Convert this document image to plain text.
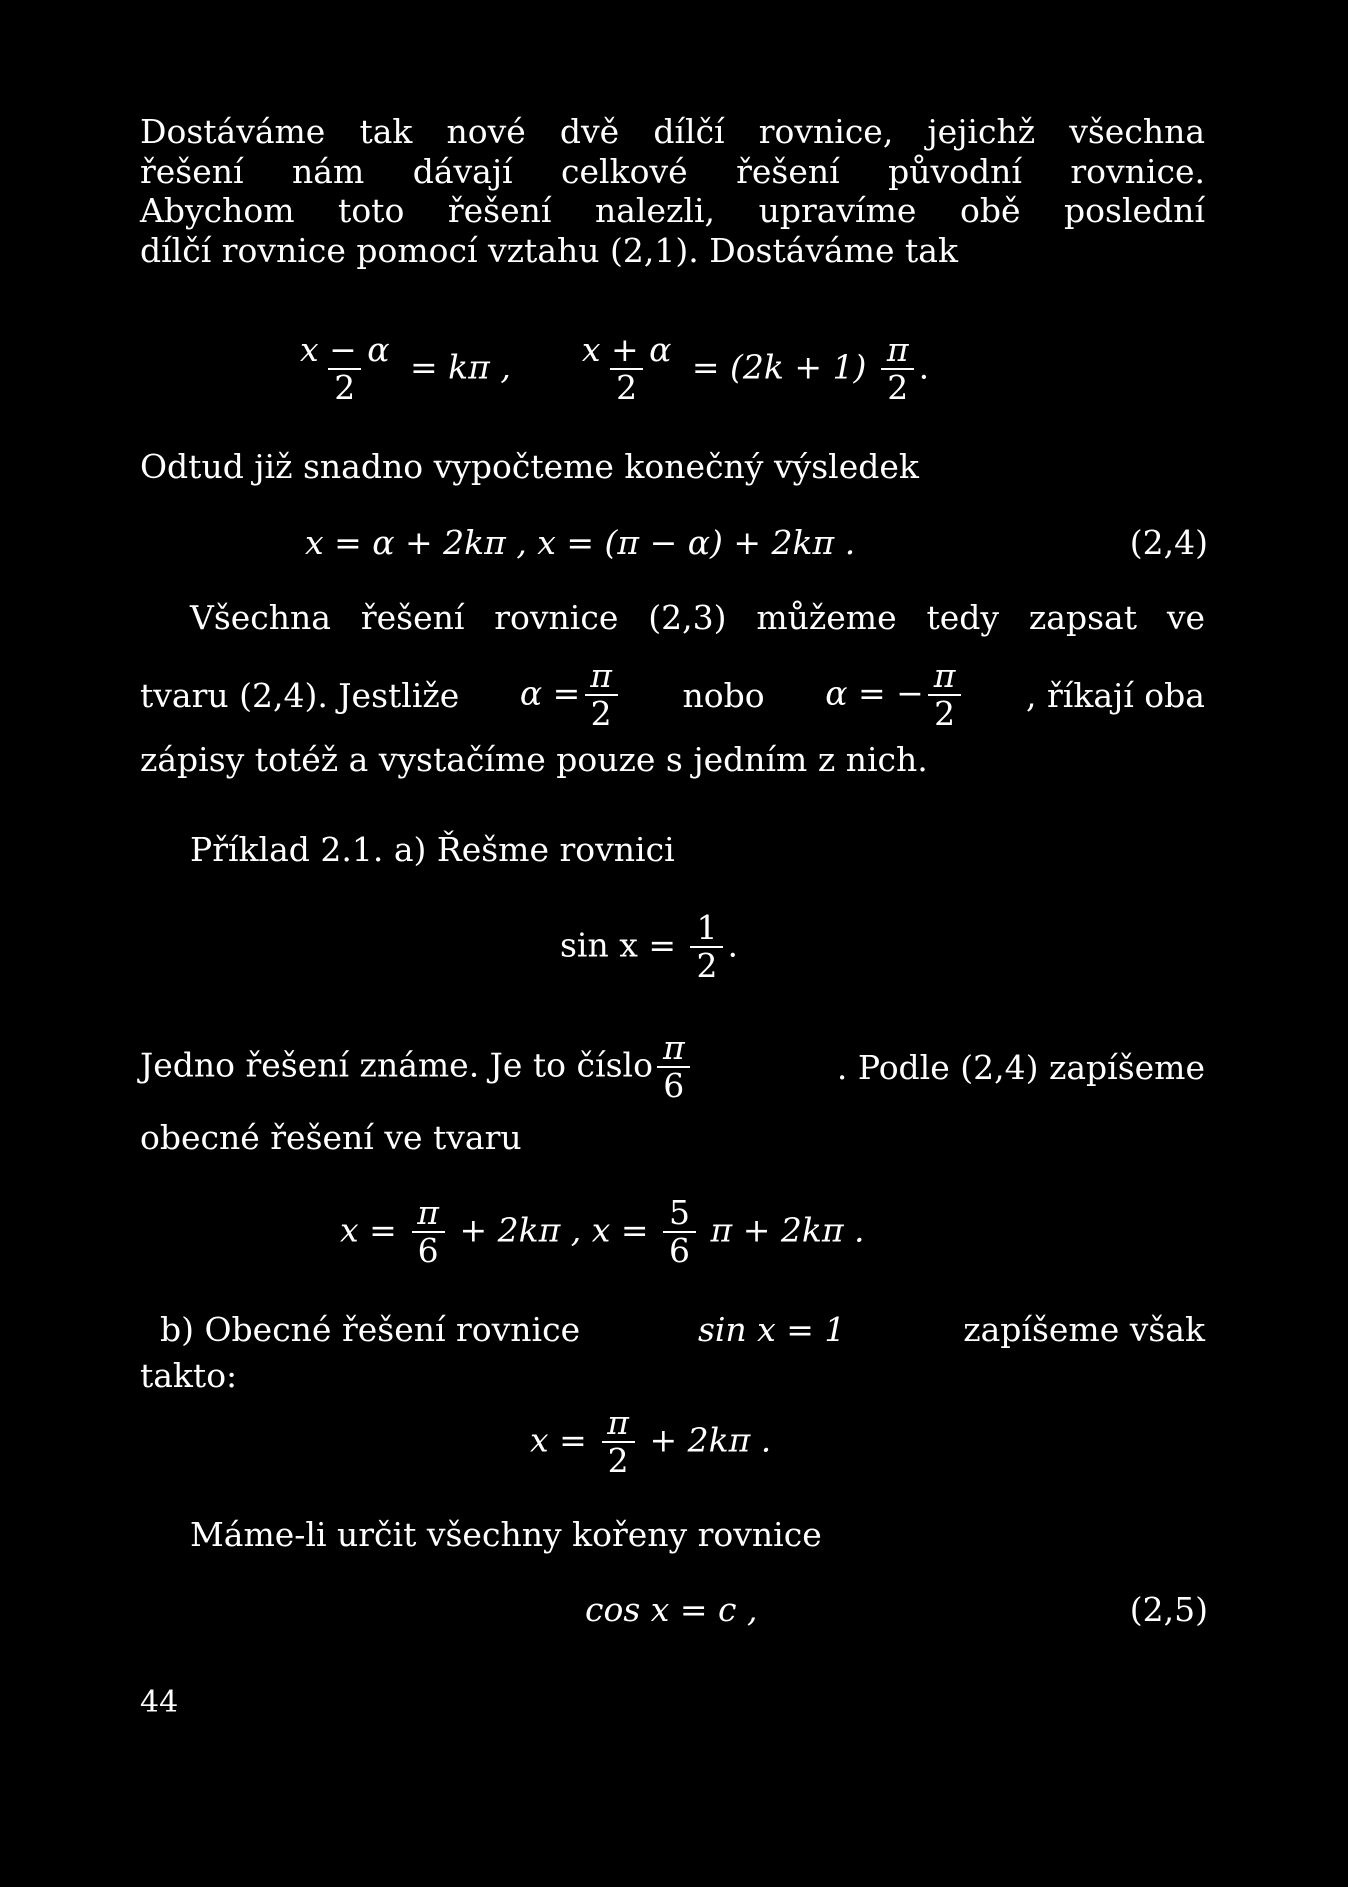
Dostáváme tak nové dvě dílčí rovnice, jejichž všechna
řešení nám dávají celkové řešení původní rovnice.
Abychom toto řešení nalezli, upravíme obě poslední
dílčí rovnice pomocí vztahu (2,1). Dostáváme tak

$\frac{x - \alpha}{2} = k\pi$ , $\frac{x + \alpha}{2} = (2k + 1) \frac{\pi}{2}$ .

Odtud již snadno vypočteme konečný výsledek

x = α + 2kπ , x = (π − α) + 2kπ .	(2,4)

Všechna řešení rovnice (2,3) můžeme tedy zapsat ve

tvaru (2,4). Jestliže $\alpha = \frac{\pi}{2}$ nobo α = − $\frac{\pi}{2}$ , říkají oba

zápisy totéž a vystačíme pouze s jedním z nich.

Příklad 2.1. a) Řešme rovnici

$\sin x = \frac{1}{2}$ .
Jedno řešení známe. Je to číslo $\frac{\pi}{6}$	. Podle (2,4) zapíšeme

obecné řešení ve tvaru

$x = \frac{\pi}{6} + 2k\pi$ , $x = \frac{5}{6}$ π + 2kπ .
b) Obecné řešení rovnice	sin x = 1	zapíšeme však

takto:

$x = \frac{\pi}{2} + 2k\pi$ .

Máme-li určit všechny kořeny rovnice

cos x = c ,	(2,5)
44
